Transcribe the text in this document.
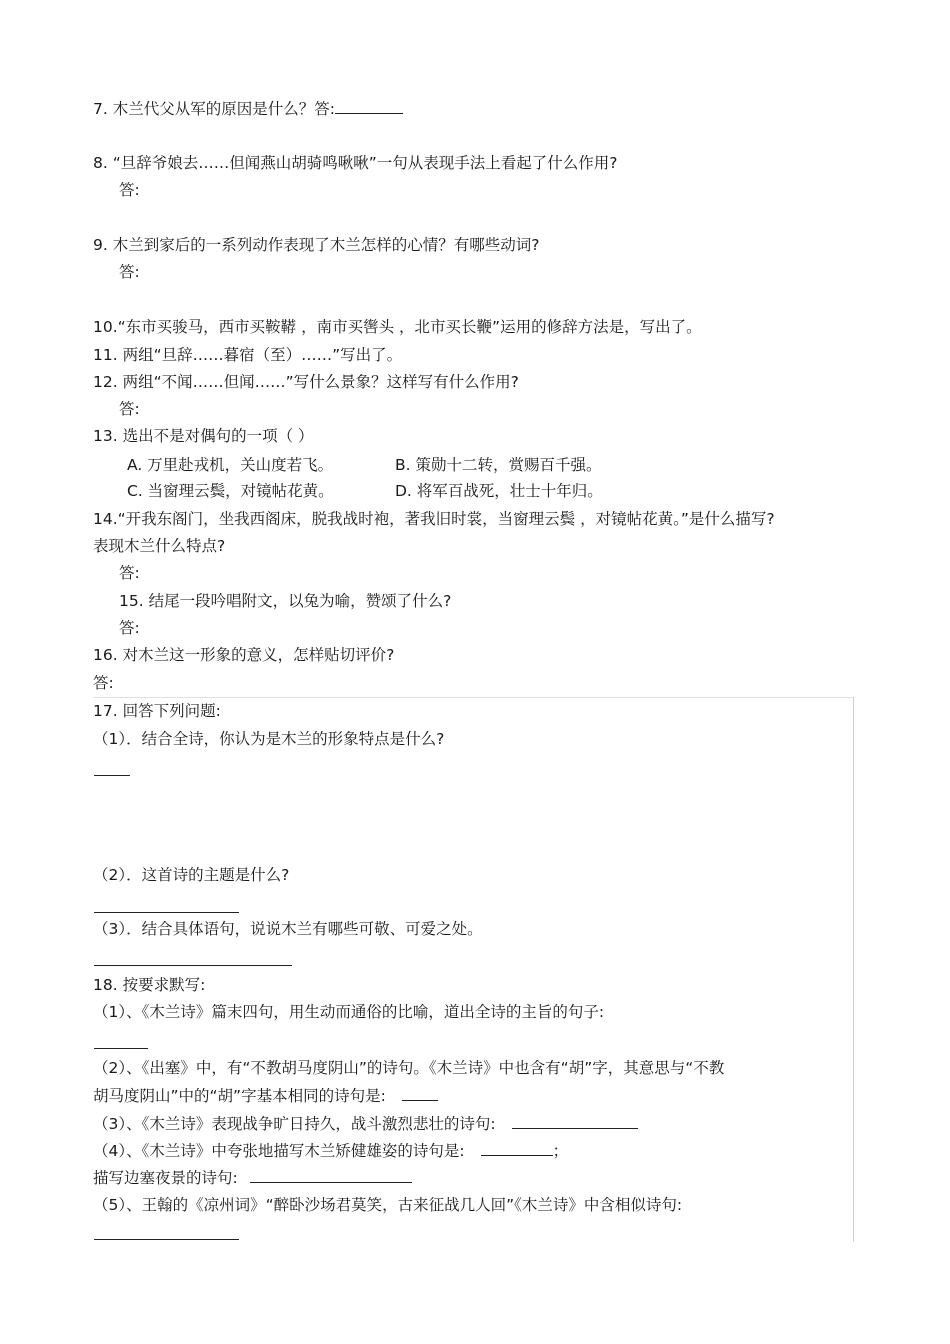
7. 木兰代父从军的原因是什么？答:
8. “旦辞爷娘去……但闻燕山胡骑鸣啾啾”一句从表现手法上看起了什么作用?
答:
9. 木兰到家后的一系列动作表现了木兰怎样的心情？有哪些动词?
答:
10.“东市买骏马，西市买鞍鞯 ，南市买辔头 ，北市买长鞭”运用的修辞方法是，写出了。
11. 两组“旦辞……暮宿（至）……”写出了。
12. 两组“不闻……但闻……”写什么景象？这样写有什么作用?
答:
13. 选出不是对偶句的一项（ ）
A. 万里赴戎机，关山度若飞。	B. 策勋十二转，赏赐百千强。
C. 当窗理云鬓，对镜帖花黄。	D. 将军百战死，壮士十年归。
14.“开我东阁门，坐我西阁床，脱我战时袍，著我旧时裳，当窗理云鬓 ，对镜帖花黄。”是什么描写?
表现木兰什么特点?
答:
15. 结尾一段吟唱附文，以兔为喻，赞颂了什么?
答:
16. 对木兰这一形象的意义，怎样贴切评价?
答:
17. 回答下列问题:
（1）．结合全诗，你认为是木兰的形象特点是什么?
（2）．这首诗的主题是什么?
（3）．结合具体语句，说说木兰有哪些可敬、可爱之处。
18. 按要求默写:
（1）、《木兰诗》篇末四句，用生动而通俗的比喻，道出全诗的主旨的句子:
（2）、《出塞》中，有“不教胡马度阴山”的诗句。《木兰诗》中也含有“胡”字，其意思与“不教
胡马度阴山”中的“胡”字基本相同的诗句是:
（3）、《木兰诗》表现战争旷日持久，战斗激烈悲壮的诗句:
（4）、《木兰诗》中夸张地描写木兰矫健雄姿的诗句是:	；
描写边塞夜景的诗句:
（5）、王翰的《凉州词》“醉卧沙场君莫笑，古来征战几人回”《木兰诗》中含相似诗句:
